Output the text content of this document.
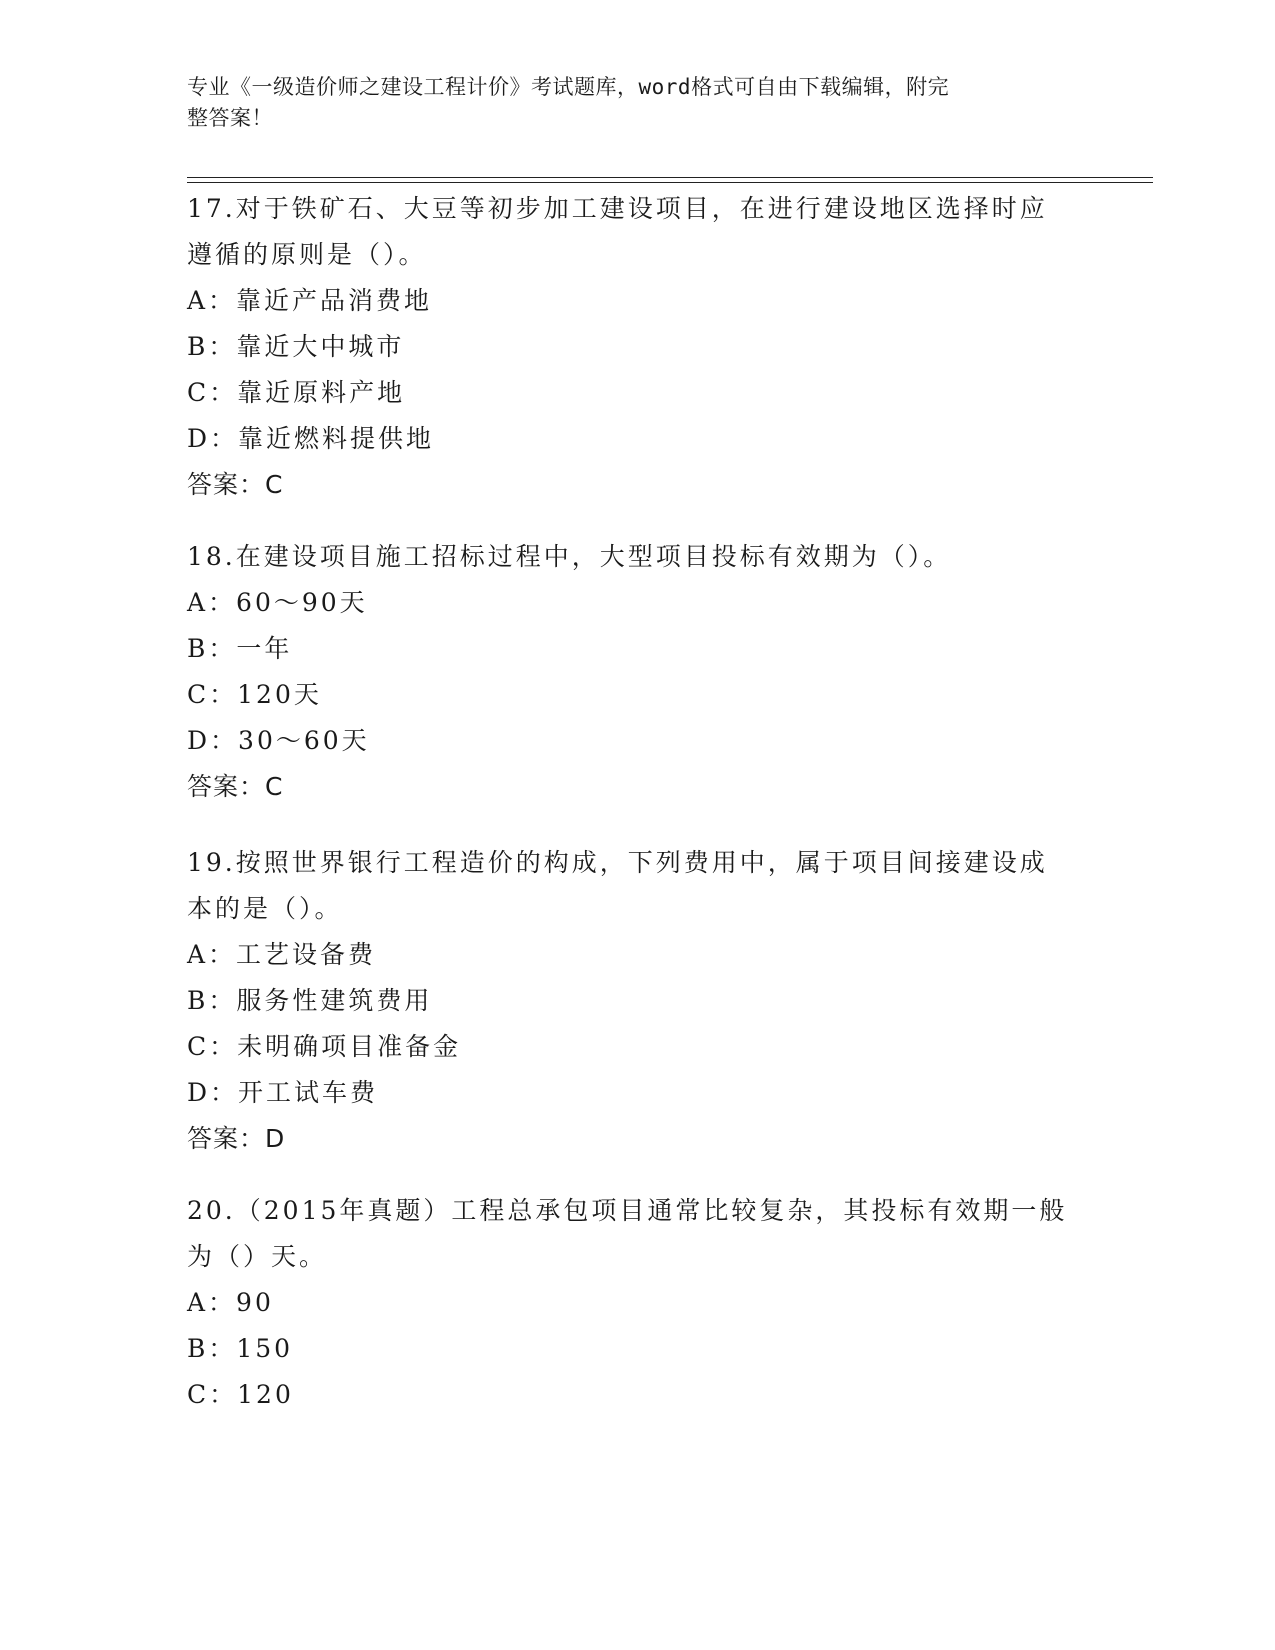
专业《一级造价师之建设工程计价》考试题库，word格式可自由下载编辑，附完
整答案！
17.对于铁矿石、大豆等初步加工建设项目，在进行建设地区选择时应
遵循的原则是（）。
A：靠近产品消费地
B：靠近大中城市
C：靠近原料产地
D：靠近燃料提供地
答案：C
18.在建设项目施工招标过程中，大型项目投标有效期为（）。
A：60～90天
B：一年
C：120天
D：30～60天
答案：C
19.按照世界银行工程造价的构成，下列费用中，属于项目间接建设成
本的是（）。
A：工艺设备费
B：服务性建筑费用
C：未明确项目准备金
D：开工试车费
答案：D
20.（2015年真题）工程总承包项目通常比较复杂，其投标有效期一般
为（）天。
A：90
B：150
C：120
